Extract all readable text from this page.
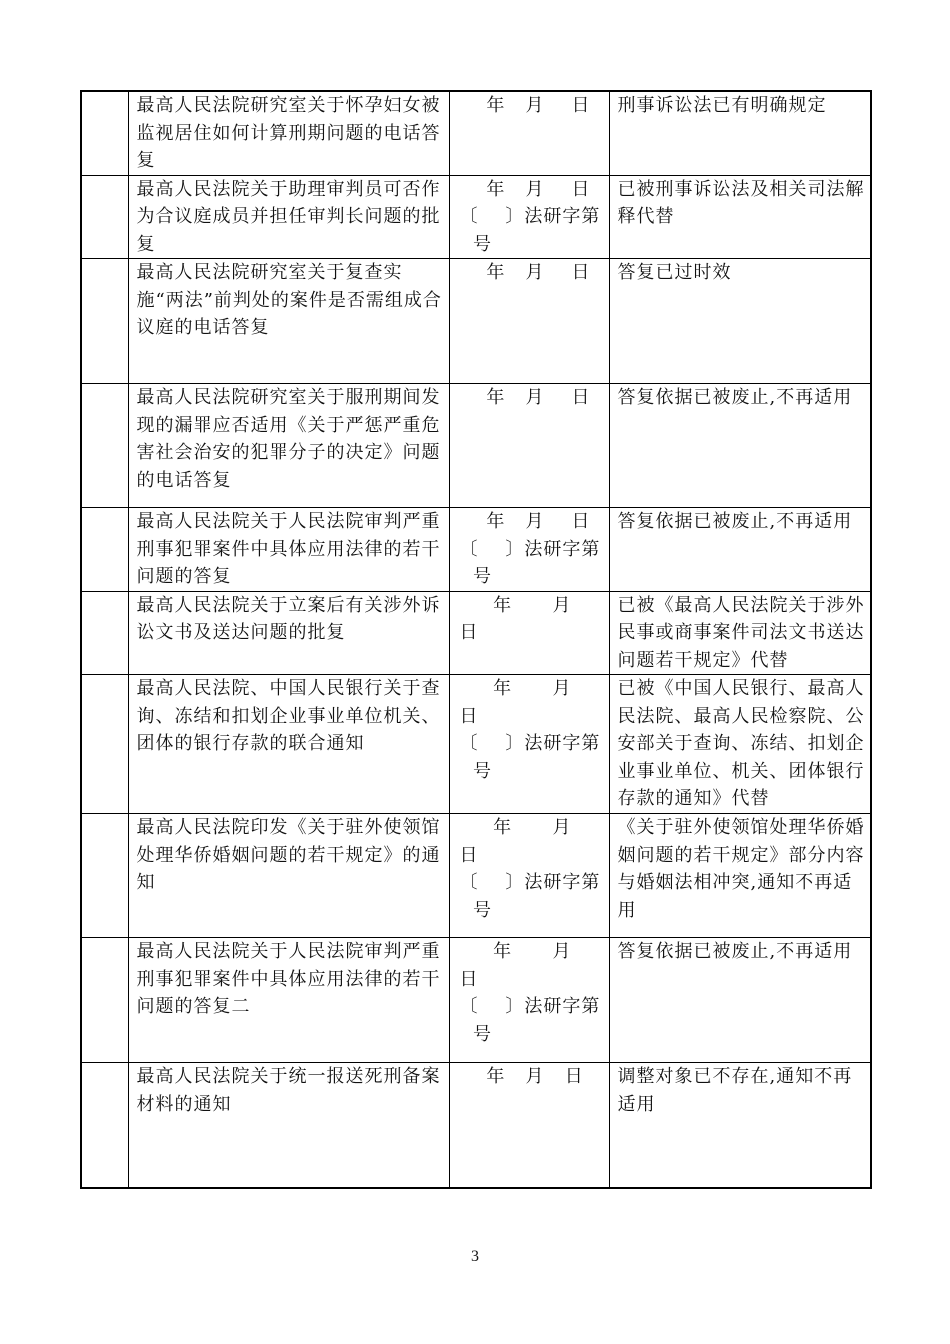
	最高人民法院研究室关于怀孕妇女被监视居住如何计算刑期问题的电话答复	年   月    日	刑事诉讼法已有明确规定
	最高人民法院关于助理审判员可否作为合议庭成员并担任审判长问题的批复	年   月    日
〔    〕法研字第
号	已被刑事诉讼法及相关司法解释代替
	最高人民法院研究室关于复查实施“两法”前判处的案件是否需组成合议庭的电话答复	年   月    日	答复已过时效
	最高人民法院研究室关于服刑期间发现的漏罪应否适用《关于严惩严重危害社会治安的犯罪分子的决定》问题的电话答复	年   月    日	答复依据已被废止,不再适用
	最高人民法院关于人民法院审判严重刑事犯罪案件中具体应用法律的若干问题的答复	年   月    日
〔    〕法研字第
号	答复依据已被废止,不再适用
	最高人民法院关于立案后有关涉外诉讼文书及送达问题的批复	年      月
日	已被《最高人民法院关于涉外民事或商事案件司法文书送达问题若干规定》代替
	最高人民法院、中国人民银行关于查询、冻结和扣划企业事业单位机关、团体的银行存款的联合通知	年      月
日
〔    〕法研字第
号	已被《中国人民银行、最高人民法院、最高人民检察院、公安部关于查询、冻结、扣划企业事业单位、机关、团体银行存款的通知》代替
	最高人民法院印发《关于驻外使领馆处理华侨婚姻问题的若干规定》的通知	年      月
日
〔    〕法研字第
号	《关于驻外使领馆处理华侨婚姻问题的若干规定》部分内容与婚姻法相冲突,通知不再适用
	最高人民法院关于人民法院审判严重刑事犯罪案件中具体应用法律的若干问题的答复二	年      月
日
〔    〕法研字第
号	答复依据已被废止,不再适用
	最高人民法院关于统一报送死刑备案材料的通知	年   月   日	调整对象已不存在,通知不再适用
3
